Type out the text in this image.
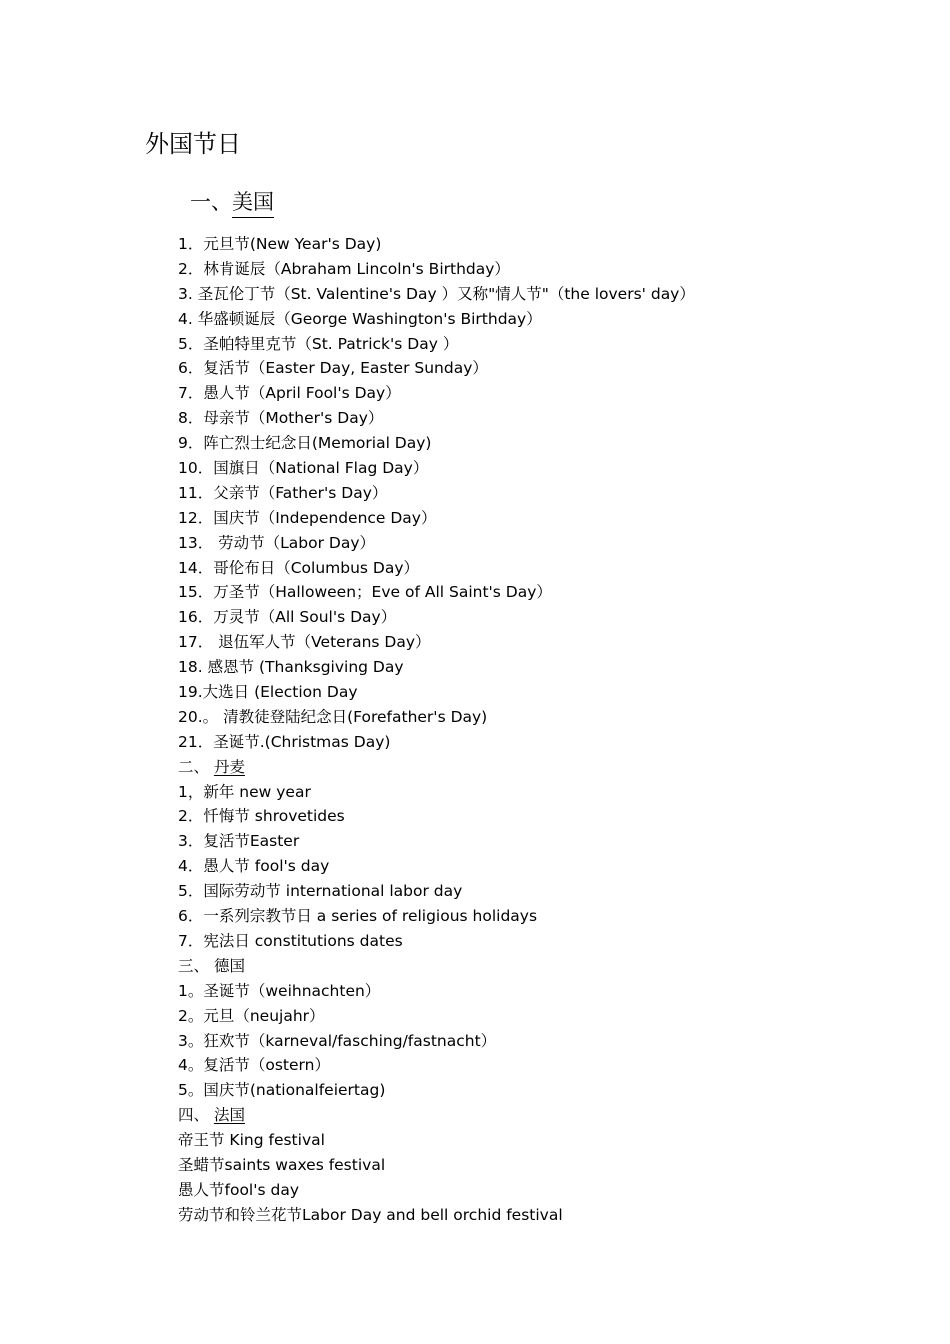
外国节日
一、美国
1．元旦节(New Year's Day)
2．林肯诞辰（Abraham Lincoln's Birthday）
3. 圣瓦伦丁节（St. Valentine's Day ）又称"情人节"（the lovers' day）
4. 华盛顿诞辰（George Washington's Birthday）
5．圣帕特里克节（St. Patrick's Day ）
6．复活节（Easter Day, Easter Sunday）
7．愚人节（April Fool's Day）
8．母亲节（Mother's Day）
9．阵亡烈士纪念日(Memorial Day)
10．国旗日（National Flag Day）
11．父亲节（Father's Day）
12．国庆节（Independence Day）
13． 劳动节（Labor Day）
14．哥伦布日（Columbus Day）
15．万圣节（Halloween；Eve of All Saint's Day）
16．万灵节（All Soul's Day）
17． 退伍军人节（Veterans Day）
18. 感恩节 (Thanksgiving Day
19.大选日 (Election Day
20.。 清教徒登陆纪念日(Forefather's Day)
21．圣诞节.(Christmas Day)
二、 丹麦
1，新年 new year
2．忏悔节 shrovetides
3．复活节Easter
4．愚人节 fool's day
5．国际劳动节 international labor day
6．一系列宗教节日 a series of religious holidays
7．宪法日 constitutions dates
三、 德国
1。圣诞节（weihnachten）
2。元旦（neujahr）
3。狂欢节（karneval/fasching/fastnacht）
4。复活节（ostern）
5。国庆节(nationalfeiertag)
四、 法国
帝王节 King festival
圣蜡节saints waxes festival
愚人节fool's day
劳动节和铃兰花节Labor Day and bell orchid festival
